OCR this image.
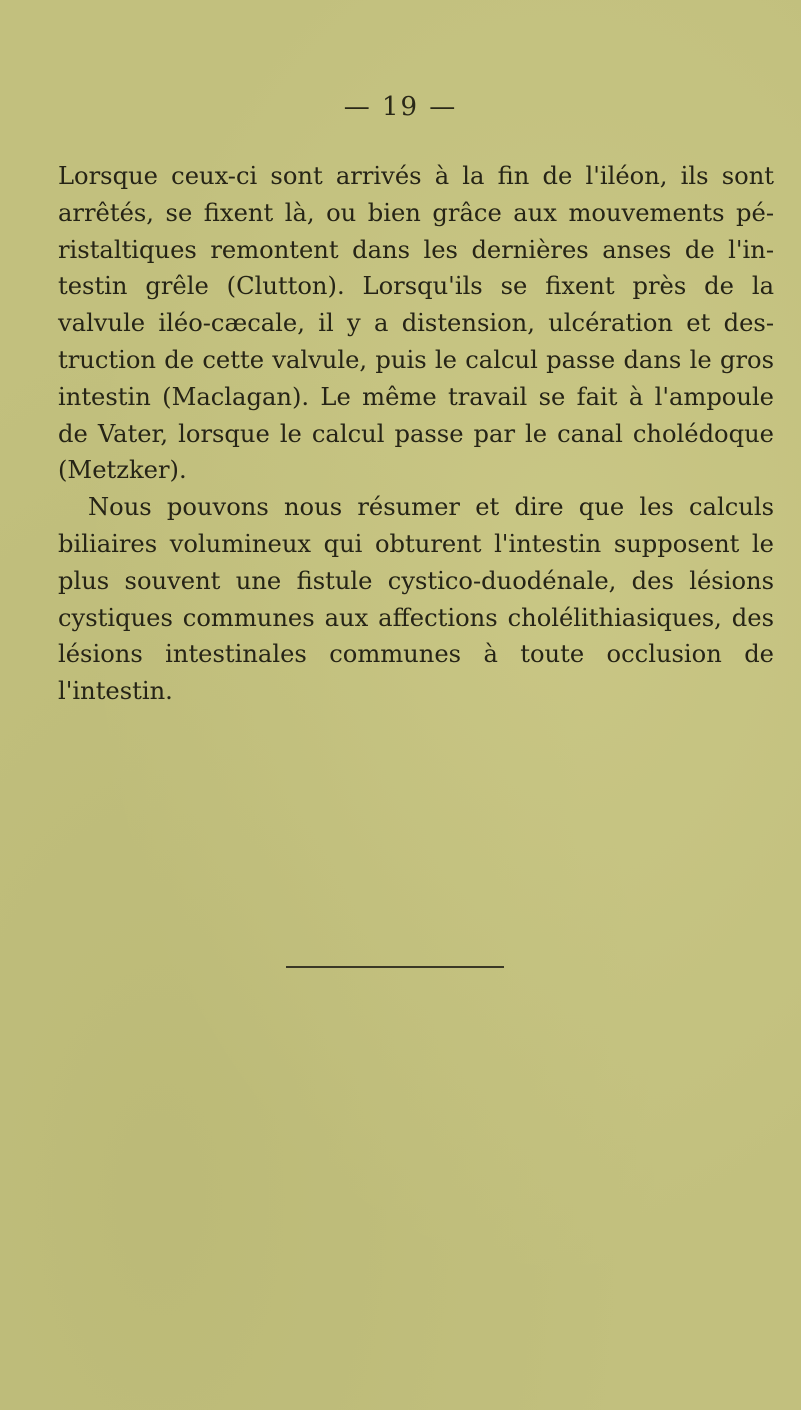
— 19 —
Lorsque ceux-ci sont arrivés à la fin de l'iléon, ils sont
arrêtés, se fixent là, ou bien grâce aux mouvements pé-
ristaltiques remontent dans les dernières anses de l'in-
testin grêle (Clutton). Lorsqu'ils se fixent près de la
valvule iléo-cæcale, il y a distension, ulcération et des-
truction de cette valvule, puis le calcul passe dans le gros
intestin (Maclagan). Le même travail se fait à l'ampoule
de Vater, lorsque le calcul passe par le canal cholédoque
(Metzker).
Nous pouvons nous résumer et dire que les calculs
biliaires volumineux qui obturent l'intestin supposent le
plus souvent une fistule cystico-duodénale, des lésions
cystiques communes aux affections cholélithiasiques, des
lésions intestinales communes à toute occlusion de
l'intestin.
